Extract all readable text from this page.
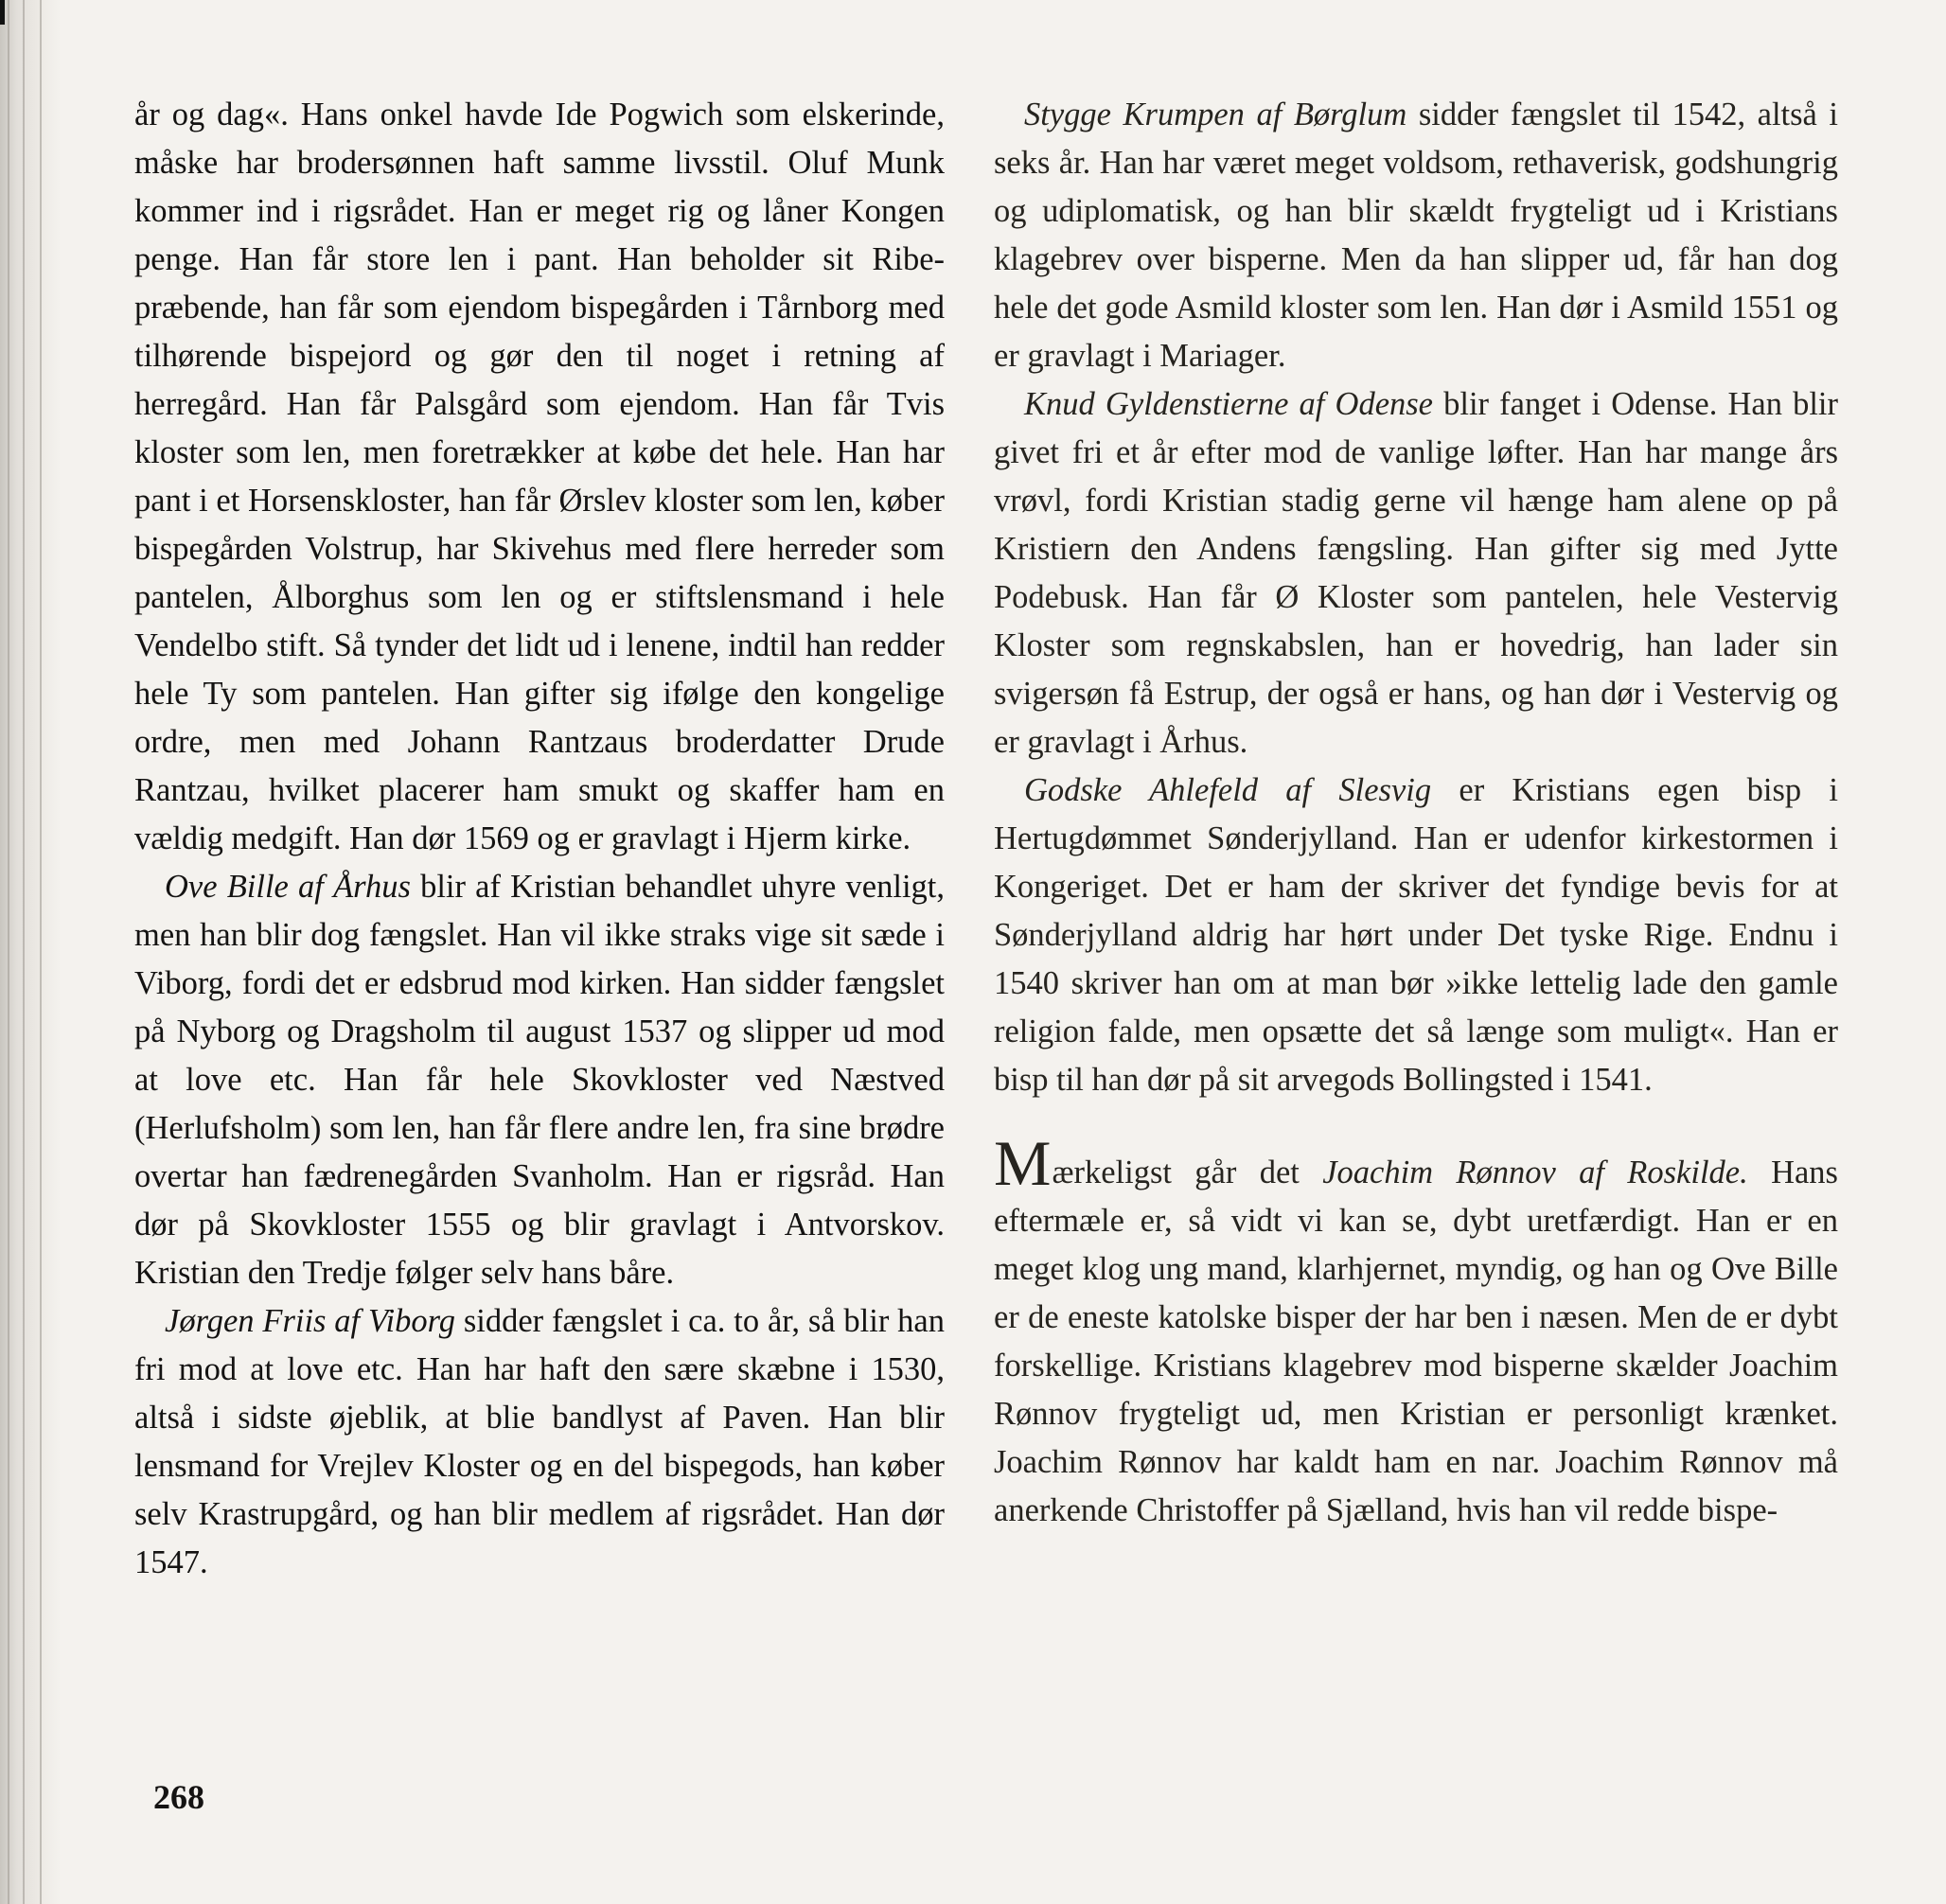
år og dag«. Hans onkel havde Ide Pogwich som elskerinde, måske har brodersønnen haft samme livsstil. Oluf Munk kommer ind i rigsrådet. Han er meget rig og låner Kongen penge. Han får store len i pant. Han beholder sit Ribe-præbende, han får som ejendom bispegården i Tårnborg med tilhørende bispejord og gør den til noget i retning af herregård. Han får Palsgård som ejendom. Han får Tvis kloster som len, men foretrækker at købe det hele. Han har pant i et Horsenskloster, han får Ørslev kloster som len, køber bispegården Volstrup, har Skivehus med flere herreder som pantelen, Ålborghus som len og er stiftslensmand i hele Vendelbo stift. Så tynder det lidt ud i lenene, indtil han redder hele Ty som pantelen. Han gifter sig ifølge den kongelige ordre, men med Johann Rantzaus broderdatter Drude Rantzau, hvilket placerer ham smukt og skaffer ham en vældig medgift. Han dør 1569 og er gravlagt i Hjerm kirke.

Ove Bille af Århus blir af Kristian behandlet uhyre venligt, men han blir dog fængslet. Han vil ikke straks vige sit sæde i Viborg, fordi det er edsbrud mod kirken. Han sidder fængslet på Nyborg og Dragsholm til august 1537 og slipper ud mod at love etc. Han får hele Skovkloster ved Næstved (Herlufsholm) som len, han får flere andre len, fra sine brødre overtar han fædrenegården Svanholm. Han er rigsråd. Han dør på Skovkloster 1555 og blir gravlagt i Antvorskov. Kristian den Tredje følger selv hans båre.

Jørgen Friis af Viborg sidder fængslet i ca. to år, så blir han fri mod at love etc. Han har haft den sære skæbne i 1530, altså i sidste øjeblik, at blie bandlyst af Paven. Han blir lensmand for Vrejlev Kloster og en del bispegods, han køber selv Krastrupgård, og han blir medlem af rigsrådet. Han dør 1547.

Stygge Krumpen af Børglum sidder fængslet til 1542, altså i seks år. Han har været meget voldsom, rethaverisk, godshungrig og udiplomatisk, og han blir skældt frygteligt ud i Kristians klagebrev over bisperne. Men da han slipper ud, får han dog hele det gode Asmild kloster som len. Han dør i Asmild 1551 og er gravlagt i Mariager.

Knud Gyldenstierne af Odense blir fanget i Odense. Han blir givet fri et år efter mod de vanlige løfter. Han har mange års vrøvl, fordi Kristian stadig gerne vil hænge ham alene op på Kristiern den Andens fængsling. Han gifter sig med Jytte Podebusk. Han får Ø Kloster som pantelen, hele Vestervig Kloster som regnskabslen, han er hovedrig, han lader sin svigersøn få Estrup, der også er hans, og han dør i Vestervig og er gravlagt i Århus.

Godske Ahlefeld af Slesvig er Kristians egen bisp i Hertugdømmet Sønderjylland. Han er udenfor kirkestormen i Kongeriget. Det er ham der skriver det fyndige bevis for at Sønderjylland aldrig har hørt under Det tyske Rige. Endnu i 1540 skriver han om at man bør »ikke lettelig lade den gamle religion falde, men opsætte det så længe som muligt«. Han er bisp til han dør på sit arvegods Bollingsted i 1541.

Mærkeligst går det Joachim Rønnov af Roskilde. Hans eftermæle er, så vidt vi kan se, dybt uretfærdigt. Han er en meget klog ung mand, klarhjernet, myndig, og han og Ove Bille er de eneste katolske bisper der har ben i næsen. Men de er dybt forskellige. Kristians klagebrev mod bisperne skælder Joachim Rønnov frygteligt ud, men Kristian er personligt krænket. Joachim Rønnov har kaldt ham en nar. Joachim Rønnov må anerkende Christoffer på Sjælland, hvis han vil redde bispe-

268
